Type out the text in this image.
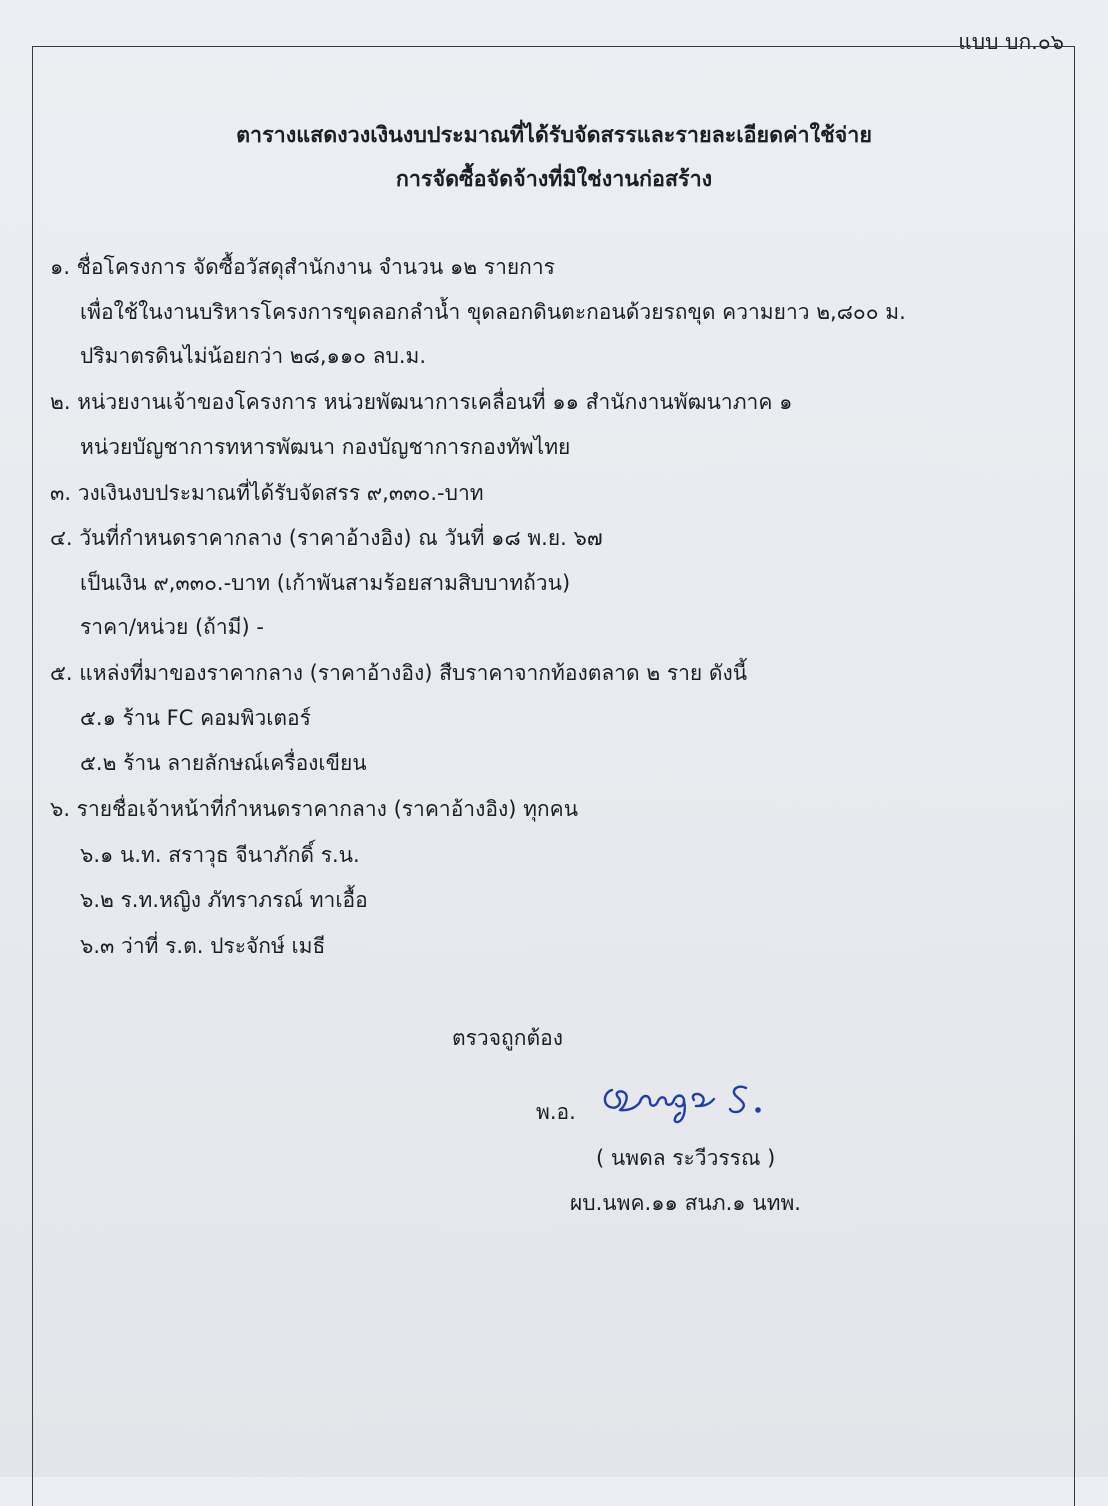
แบบ บก.๐๖
ตารางแสดงวงเงินงบประมาณที่ได้รับจัดสรรและรายละเอียดค่าใช้จ่าย
การจัดซื้อจัดจ้างที่มิใช่งานก่อสร้าง
๑. ชื่อโครงการ จัดซื้อวัสดุสำนักงาน จำนวน ๑๒ รายการ
เพื่อใช้ในงานบริหารโครงการขุดลอกลำน้ำ ขุดลอกดินตะกอนด้วยรถขุด ความยาว ๒,๘๐๐ ม.
ปริมาตรดินไม่น้อยกว่า ๒๘,๑๑๐ ลบ.ม.
๒. หน่วยงานเจ้าของโครงการ หน่วยพัฒนาการเคลื่อนที่ ๑๑ สำนักงานพัฒนาภาค ๑
หน่วยบัญชาการทหารพัฒนา กองบัญชาการกองทัพไทย
๓. วงเงินงบประมาณที่ได้รับจัดสรร ๙,๓๓๐.-บาท
๔. วันที่กำหนดราคากลาง (ราคาอ้างอิง) ณ วันที่ ๑๘ พ.ย. ๖๗
เป็นเงิน ๙,๓๓๐.-บาท (เก้าพันสามร้อยสามสิบบาทถ้วน)
ราคา/หน่วย (ถ้ามี) -
๕. แหล่งที่มาของราคากลาง (ราคาอ้างอิง) สืบราคาจากท้องตลาด ๒ ราย ดังนี้
๕.๑ ร้าน FC คอมพิวเตอร์
๕.๒ ร้าน ลายลักษณ์เครื่องเขียน
๖. รายชื่อเจ้าหน้าที่กำหนดราคากลาง (ราคาอ้างอิง) ทุกคน
๖.๑ น.ท. สราวุธ จีนาภักดิ์ ร.น.
๖.๒ ร.ท.หญิง ภัทราภรณ์ ทาเอื้อ
๖.๓ ว่าที่ ร.ต. ประจักษ์ เมธี
ตรวจถูกต้อง
พ.อ.
( นพดล ระวีวรรณ )
ผบ.นพค.๑๑ สนภ.๑ นทพ.
